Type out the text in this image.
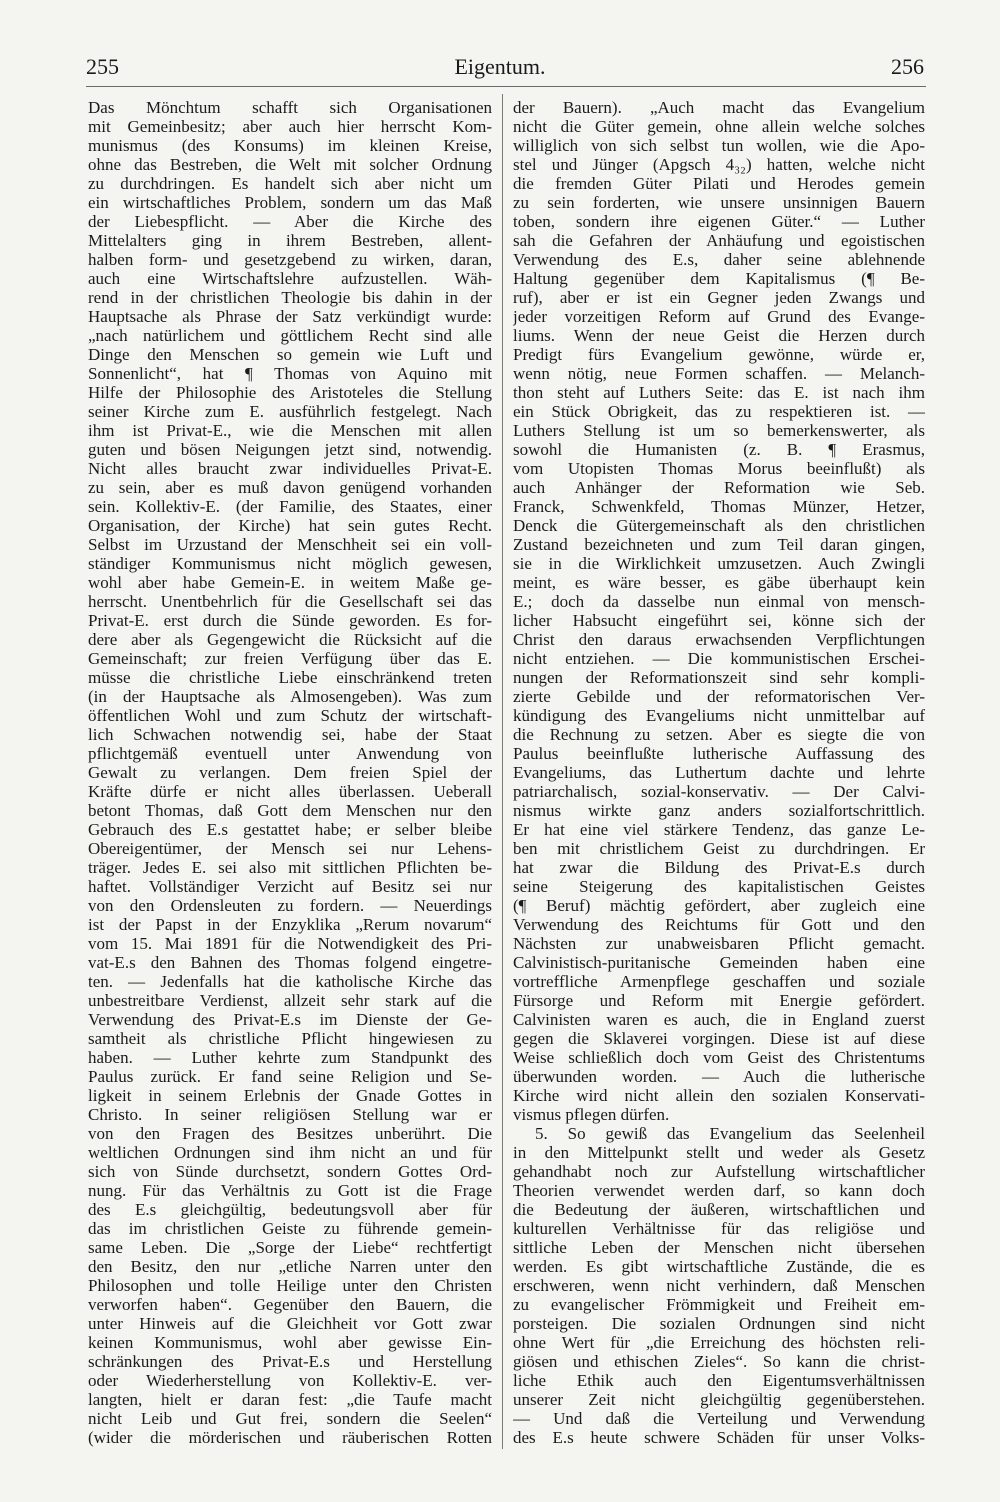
255	Eigentum.	256
Das Mönchtum schafft sich Organisationen
mit Gemeinbesitz; aber auch hier herrscht Kom-
munismus (des Konsums) im kleinen Kreise,
ohne das Bestreben, die Welt mit solcher Ordnung
zu durchdringen. Es handelt sich aber nicht um
ein wirtschaftliches Problem, sondern um das Maß
der Liebespflicht. — Aber die Kirche des
Mittelalters ging in ihrem Bestreben, allent-
halben form- und gesetzgebend zu wirken, daran,
auch eine Wirtschaftslehre aufzustellen. Wäh-
rend in der christlichen Theologie bis dahin in der
Hauptsache als Phrase der Satz verkündigt wurde:
„nach natürlichem und göttlichem Recht sind alle
Dinge den Menschen so gemein wie Luft und
Sonnenlicht“, hat ¶ Thomas von Aquino mit
Hilfe der Philosophie des Aristoteles die Stellung
seiner Kirche zum E. ausführlich festgelegt. Nach
ihm ist Privat-E., wie die Menschen mit allen
guten und bösen Neigungen jetzt sind, notwendig.
Nicht alles braucht zwar individuelles Privat-E.
zu sein, aber es muß davon genügend vorhanden
sein. Kollektiv-E. (der Familie, des Staates, einer
Organisation, der Kirche) hat sein gutes Recht.
Selbst im Urzustand der Menschheit sei ein voll-
ständiger Kommunismus nicht möglich gewesen,
wohl aber habe Gemein-E. in weitem Maße ge-
herrscht. Unentbehrlich für die Gesellschaft sei das
Privat-E. erst durch die Sünde geworden. Es for-
dere aber als Gegengewicht die Rücksicht auf die
Gemeinschaft; zur freien Verfügung über das E.
müsse die christliche Liebe einschränkend treten
(in der Hauptsache als Almosengeben). Was zum
öffentlichen Wohl und zum Schutz der wirtschaft-
lich Schwachen notwendig sei, habe der Staat
pflichtgemäß eventuell unter Anwendung von
Gewalt zu verlangen. Dem freien Spiel der
Kräfte dürfe er nicht alles überlassen. Ueberall
betont Thomas, daß Gott dem Menschen nur den
Gebrauch des E.s gestattet habe; er selber bleibe
Obereigentümer, der Mensch sei nur Lehens-
träger. Jedes E. sei also mit sittlichen Pflichten be-
haftet. Vollständiger Verzicht auf Besitz sei nur
von den Ordensleuten zu fordern. — Neuerdings
ist der Papst in der Enzyklika „Rerum novarum“
vom 15. Mai 1891 für die Notwendigkeit des Pri-
vat-E.s den Bahnen des Thomas folgend eingetre-
ten. — Jedenfalls hat die katholische Kirche das
unbestreitbare Verdienst, allzeit sehr stark auf die
Verwendung des Privat-E.s im Dienste der Ge-
samtheit als christliche Pflicht hingewiesen zu
haben. — Luther kehrte zum Standpunkt des
Paulus zurück. Er fand seine Religion und Se-
ligkeit in seinem Erlebnis der Gnade Gottes in
Christo. In seiner religiösen Stellung war er
von den Fragen des Besitzes unberührt. Die
weltlichen Ordnungen sind ihm nicht an und für
sich von Sünde durchsetzt, sondern Gottes Ord-
nung. Für das Verhältnis zu Gott ist die Frage
des E.s gleichgültig, bedeutungsvoll aber für
das im christlichen Geiste zu führende gemein-
same Leben. Die „Sorge der Liebe“ rechtfertigt
den Besitz, den nur „etliche Narren unter den
Philosophen und tolle Heilige unter den Christen
verworfen haben“. Gegenüber den Bauern, die
unter Hinweis auf die Gleichheit vor Gott zwar
keinen Kommunismus, wohl aber gewisse Ein-
schränkungen des Privat-E.s und Herstellung
oder Wiederherstellung von Kollektiv-E. ver-
langten, hielt er daran fest: „die Taufe macht
nicht Leib und Gut frei, sondern die Seelen“
(wider die mörderischen und räuberischen Rotten
der Bauern). „Auch macht das Evangelium
nicht die Güter gemein, ohne allein welche solches
williglich von sich selbst tun wollen, wie die Apo-
stel und Jünger (Apgsch 4₃₂) hatten, welche nicht
die fremden Güter Pilati und Herodes gemein
zu sein forderten, wie unsere unsinnigen Bauern
toben, sondern ihre eigenen Güter.“ — Luther
sah die Gefahren der Anhäufung und egoistischen
Verwendung des E.s, daher seine ablehnende
Haltung gegenüber dem Kapitalismus (¶ Be-
ruf), aber er ist ein Gegner jeden Zwangs und
jeder vorzeitigen Reform auf Grund des Evange-
liums. Wenn der neue Geist die Herzen durch
Predigt fürs Evangelium gewönne, würde er,
wenn nötig, neue Formen schaffen. — Melanch-
thon steht auf Luthers Seite: das E. ist nach ihm
ein Stück Obrigkeit, das zu respektieren ist. —
Luthers Stellung ist um so bemerkenswerter, als
sowohl die Humanisten (z. B. ¶ Erasmus,
vom Utopisten Thomas Morus beeinflußt) als
auch Anhänger der Reformation wie Seb.
Franck, Schwenkfeld, Thomas Münzer, Hetzer,
Denck die Gütergemeinschaft als den christlichen
Zustand bezeichneten und zum Teil daran gingen,
sie in die Wirklichkeit umzusetzen. Auch Zwingli
meint, es wäre besser, es gäbe überhaupt kein
E.; doch da dasselbe nun einmal von mensch-
licher Habsucht eingeführt sei, könne sich der
Christ den daraus erwachsenden Verpflichtungen
nicht entziehen. — Die kommunistischen Erschei-
nungen der Reformationszeit sind sehr kompli-
zierte Gebilde und der reformatorischen Ver-
kündigung des Evangeliums nicht unmittelbar auf
die Rechnung zu setzen. Aber es siegte die von
Paulus beeinflußte lutherische Auffassung des
Evangeliums, das Luthertum dachte und lehrte
patriarchalisch, sozial-konservativ. — Der Calvi-
nismus wirkte ganz anders sozialfortschrittlich.
Er hat eine viel stärkere Tendenz, das ganze Le-
ben mit christlichem Geist zu durchdringen. Er
hat zwar die Bildung des Privat-E.s durch
seine Steigerung des kapitalistischen Geistes
(¶ Beruf) mächtig gefördert, aber zugleich eine
Verwendung des Reichtums für Gott und den
Nächsten zur unabweisbaren Pflicht gemacht.
Calvinistisch-puritanische Gemeinden haben eine
vortreffliche Armenpflege geschaffen und soziale
Fürsorge und Reform mit Energie gefördert.
Calvinisten waren es auch, die in England zuerst
gegen die Sklaverei vorgingen. Diese ist auf diese
Weise schließlich doch vom Geist des Christentums
überwunden worden. — Auch die lutherische
Kirche wird nicht allein den sozialen Konservati-
vismus pflegen dürfen.
5. So gewiß das Evangelium das Seelenheil
in den Mittelpunkt stellt und weder als Gesetz
gehandhabt noch zur Aufstellung wirtschaftlicher
Theorien verwendet werden darf, so kann doch
die Bedeutung der äußeren, wirtschaftlichen und
kulturellen Verhältnisse für das religiöse und
sittliche Leben der Menschen nicht übersehen
werden. Es gibt wirtschaftliche Zustände, die es
erschweren, wenn nicht verhindern, daß Menschen
zu evangelischer Frömmigkeit und Freiheit em-
porsteigen. Die sozialen Ordnungen sind nicht
ohne Wert für „die Erreichung des höchsten reli-
giösen und ethischen Zieles“. So kann die christ-
liche Ethik auch den Eigentumsverhältnissen
unserer Zeit nicht gleichgültig gegenüberstehen.
— Und daß die Verteilung und Verwendung
des E.s heute schwere Schäden für unser Volks-
